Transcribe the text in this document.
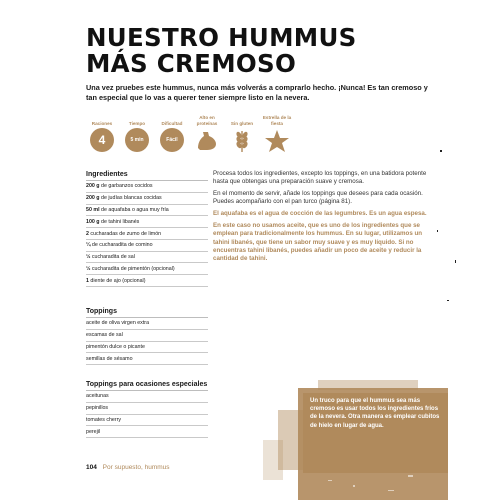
NUESTRO HUMMUS
MÁS CREMOSO
Una vez pruebes este hummus, nunca más volverás a comprarlo hecho. ¡Nunca! Es tan cremoso y tan especial que lo vas a querer tener siempre listo en la nevera.
Raciones
4
Tiempo
5 min
Dificultad
Fácil
Alto en proteínas	Sin gluten
Estrella de la fiesta
Ingredientes
200 g de garbanzos cocidos
200 g de judías blancas cocidas
50 ml de aquafaba o agua muy fría
100 g de tahini libanés
2 cucharadas de zumo de limón
¼ de cucharadita de comino
½ cucharadita de sal
½ cucharadita de pimentón (opcional)
1 diente de ajo (opcional)
Toppings
aceite de oliva virgen extra
escamas de sal
pimentón dulce o picante
semillas de sésamo
Toppings para ocasiones especiales
aceitunas
pepinillos
tomates cherry
perejil

Procesa todos los ingredientes, excepto los toppings, en una batidora potente hasta que obtengas una preparación suave y cremosa.

En el momento de servir, añade los toppings que desees para cada ocasión. Puedes acompañarlo con el pan turco (página 81).

El aquafaba es el agua de cocción de las legumbres. Es un agua espesa.

En este caso no usamos aceite, que es uno de los ingredientes que se emplean para tradicionalmente los hummus. En su lugar, utilizamos un tahini libanés, que tiene un sabor muy suave y es muy líquido. Si no encuentras tahini libanés, puedes añadir un poco de aceite y reducir la cantidad de tahini.

Un truco para que el hummus sea más cremoso es usar todos los ingredientes fríos de la nevera. Otra manera es emplear cubitos de hielo en lugar de agua.
104 Por supuesto, hummus
